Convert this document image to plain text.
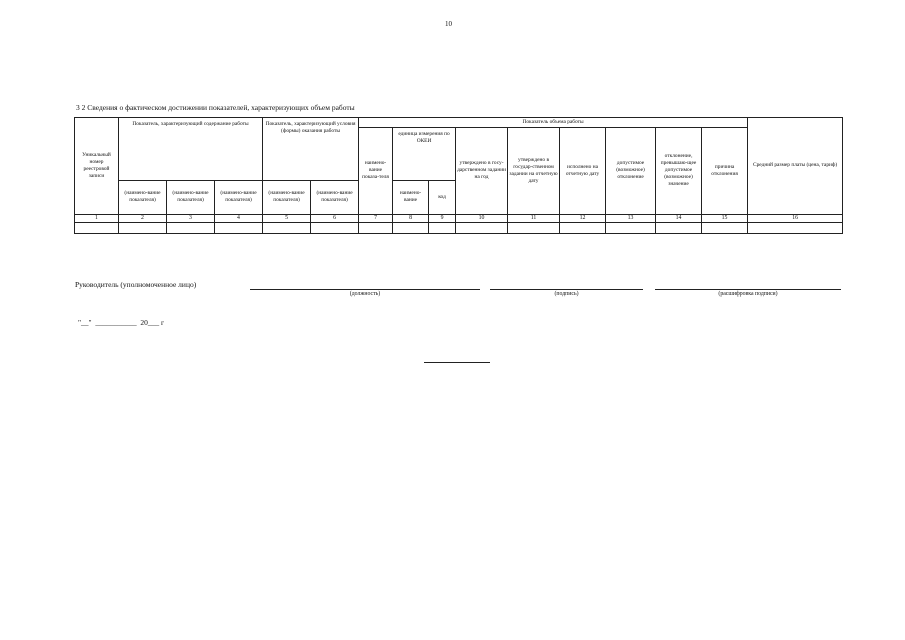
10
3 2 Сведения о фактическом достижении показателей, характеризующих объем работы
Уникальный номер реестровой записи	Показатель, характеризующий содержание работы			Показатель, характеризующий условия (формы) оказания работы		Показатель объема работы									Средний размер платы (цена, тариф)
						наимено-вание показа-теля	единица измерения по ОКЕИ		утверждено в госу-дарственном задании на год	утверждено в государ-ственном задании на отчетную дату	исполнено на отчетную дату	допустимое (возможное) отклонение	отклонение, превышаю-щее допустимое (возможное) значение	причина отклонения	

	(наимено-вание показателя)	(наимено-вание показателя)	(наимено-вание показателя)	(наимено-вание показателя)	(наимено-вание показателя)		наимено-вание	код							
1	2	3	4	5	6	7	8	9	10	11	12	13	14	15	16

Руководитель (уполномоченное лицо)
(должность)	(подпись)	(расшифровка подписи)
"__"  ___________  20___ г
